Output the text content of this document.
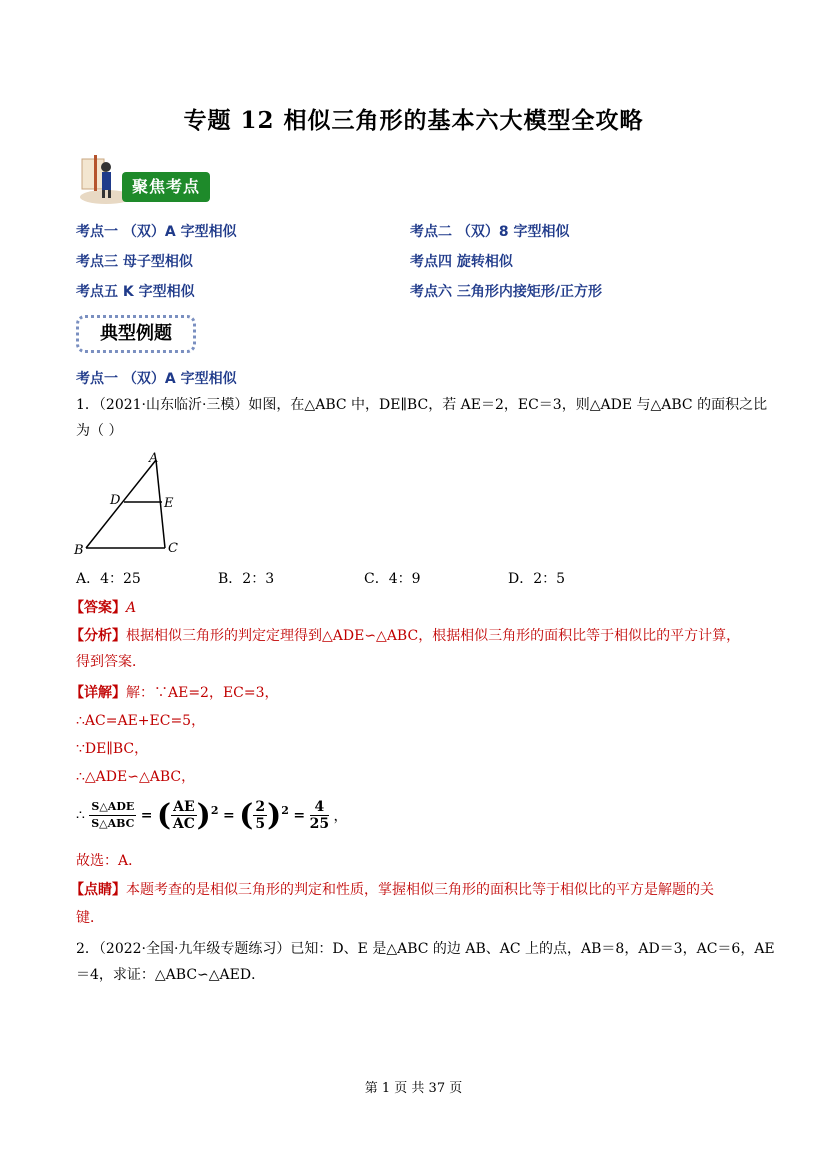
专题 12 相似三角形的基本六大模型全攻略
聚焦考点
考点一 （双）A 字型相似	考点二 （双）8 字型相似
考点三 母子型相似	考点四 旋转相似
考点五 K 字型相似	考点六 三角形内接矩形/正方形
典型例题
考点一 （双）A 字型相似
1．（2021·山东临沂·三模）如图，在△ABC 中，DE∥BC，若 AE＝2，EC＝3，则△ADE 与△ABC 的面积之比
为（ ）
A
D	E
B	C
A．4：25	B．2：3	C．4：9	D．2：5
【答案】A
【分析】根据相似三角形的判定定理得到△ADE∽△ABC，根据相似三角形的面积比等于相似比的平方计算，
得到答案．
【详解】解：∵AE=2，EC=3，
∴AC=AE+EC=5，
∵DE∥BC，
∴△ADE∽△ABC，
∴ $\frac{\text{S△ADE}}{\text{S△ABC}}$ = ( $\frac{AE}{AC} )^2$ = ( $\frac{2}{5} )^2 = \frac{4}{25}$ ，
故选：A．
【点睛】本题考查的是相似三角形的判定和性质，掌握相似三角形的面积比等于相似比的平方是解题的关
键．
2．（2022·全国·九年级专题练习）已知：D、E 是△ABC 的边 AB、AC 上的点，AB＝8，AD＝3，AC＝6，AE
＝4，求证：△ABC∽△AED．
第 1 页 共 37 页
